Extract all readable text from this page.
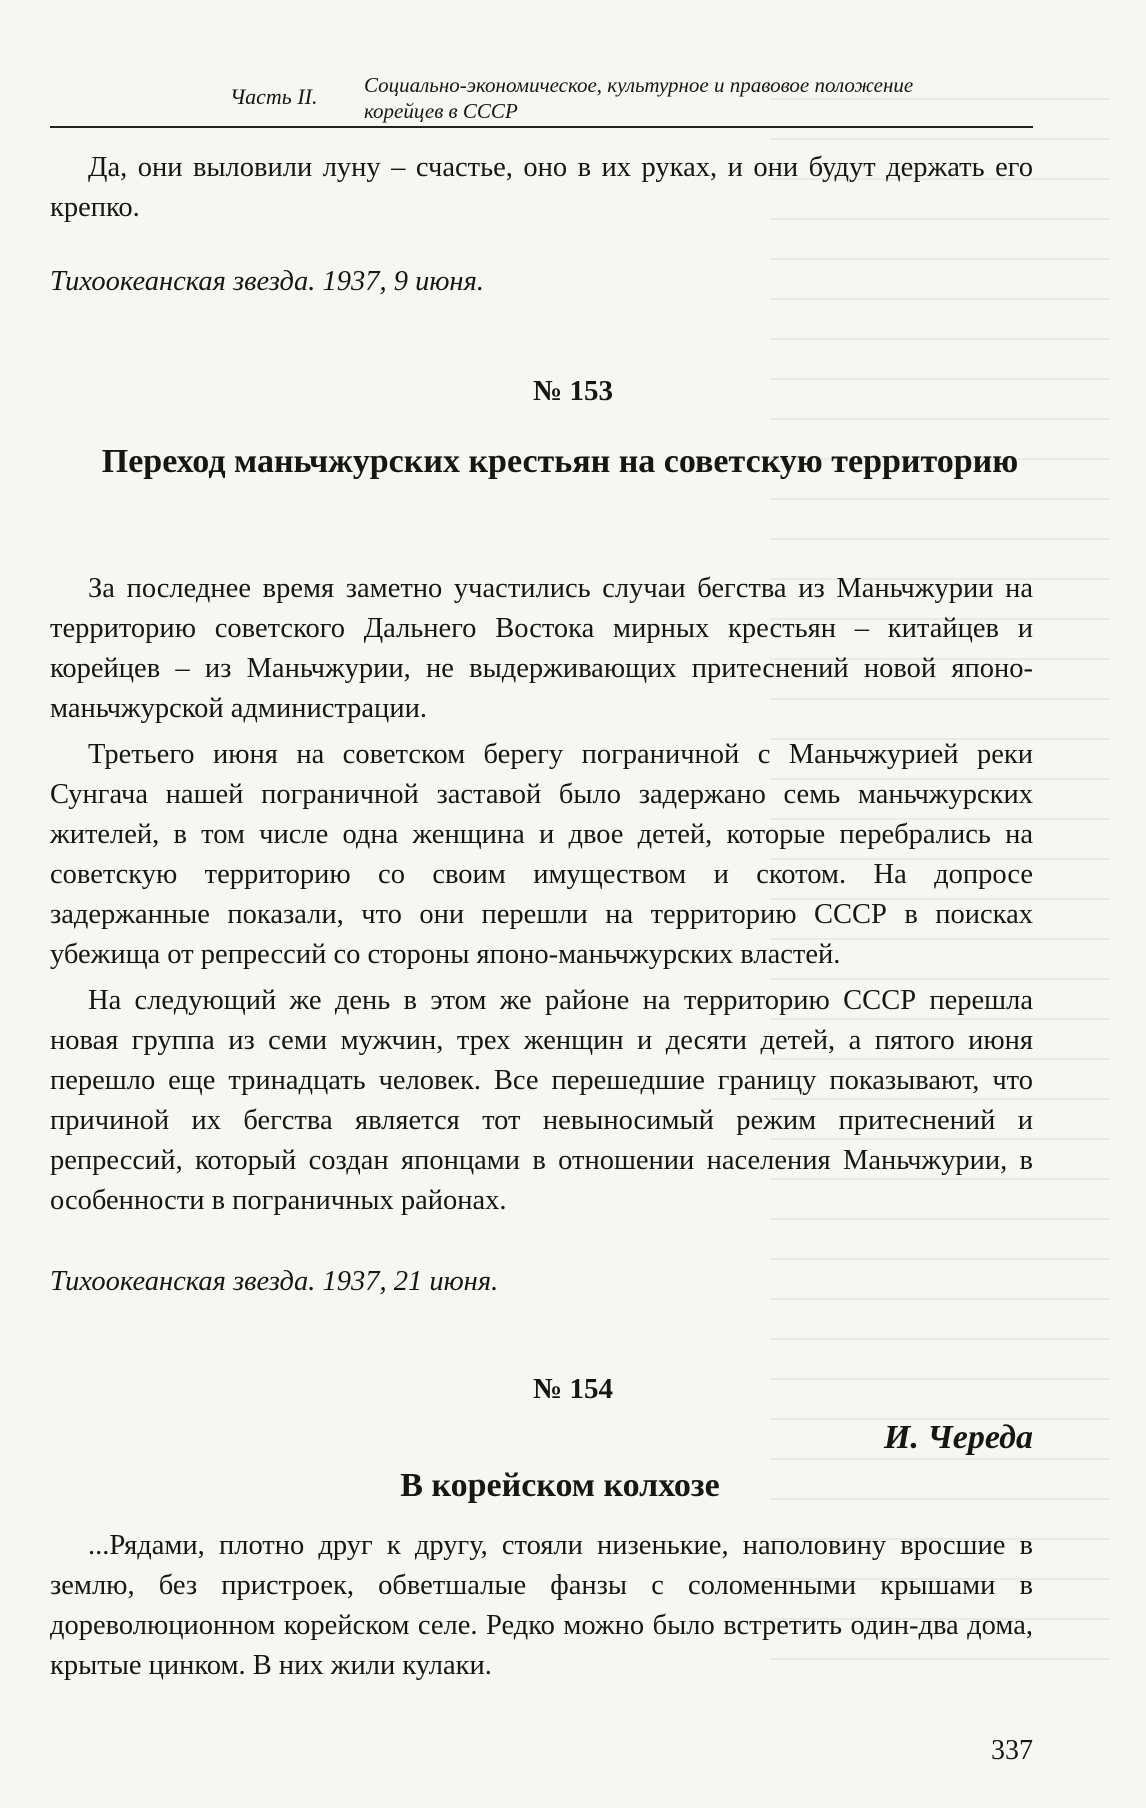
Часть II. Социально-экономическое, культурное и правовое положение
корейцев в СССР

Да, они выловили луну – счастье, оно в их руках, и они будут держать его крепко.

Тихоокеанская звезда. 1937, 9 июня.

№ 153

Переход маньчжурских крестьян на советскую территорию

За последнее время заметно участились случаи бегства из Маньчжурии на территорию советского Дальнего Востока мирных крестьян – китайцев и корейцев – из Маньчжурии, не выдерживающих притеснений новой японо-маньчжурской администрации.

Третьего июня на советском берегу пограничной с Маньчжурией реки Сунгача нашей пограничной заставой было задержано семь маньчжурских жителей, в том числе одна женщина и двое детей, которые перебрались на советскую территорию со своим имуществом и скотом. На допросе задержанные показали, что они перешли на территорию СССР в поисках убежища от репрессий со стороны японо-маньчжурских властей.

На следующий же день в этом же районе на территорию СССР перешла новая группа из семи мужчин, трех женщин и десяти детей, а пятого июня перешло еще тринадцать человек. Все перешедшие границу показывают, что причиной их бегства является тот невыносимый режим притеснений и репрессий, который создан японцами в отношении населения Маньчжурии, в особенности в пограничных районах.

Тихоокеанская звезда. 1937, 21 июня.

№ 154

И. Череда

В корейском колхозе

...Рядами, плотно друг к другу, стояли низенькие, наполовину вросшие в землю, без пристроек, обветшалые фанзы с соломенными крышами в дореволюционном корейском селе. Редко можно было встретить один-два дома, крытые цинком. В них жили кулаки.

337
